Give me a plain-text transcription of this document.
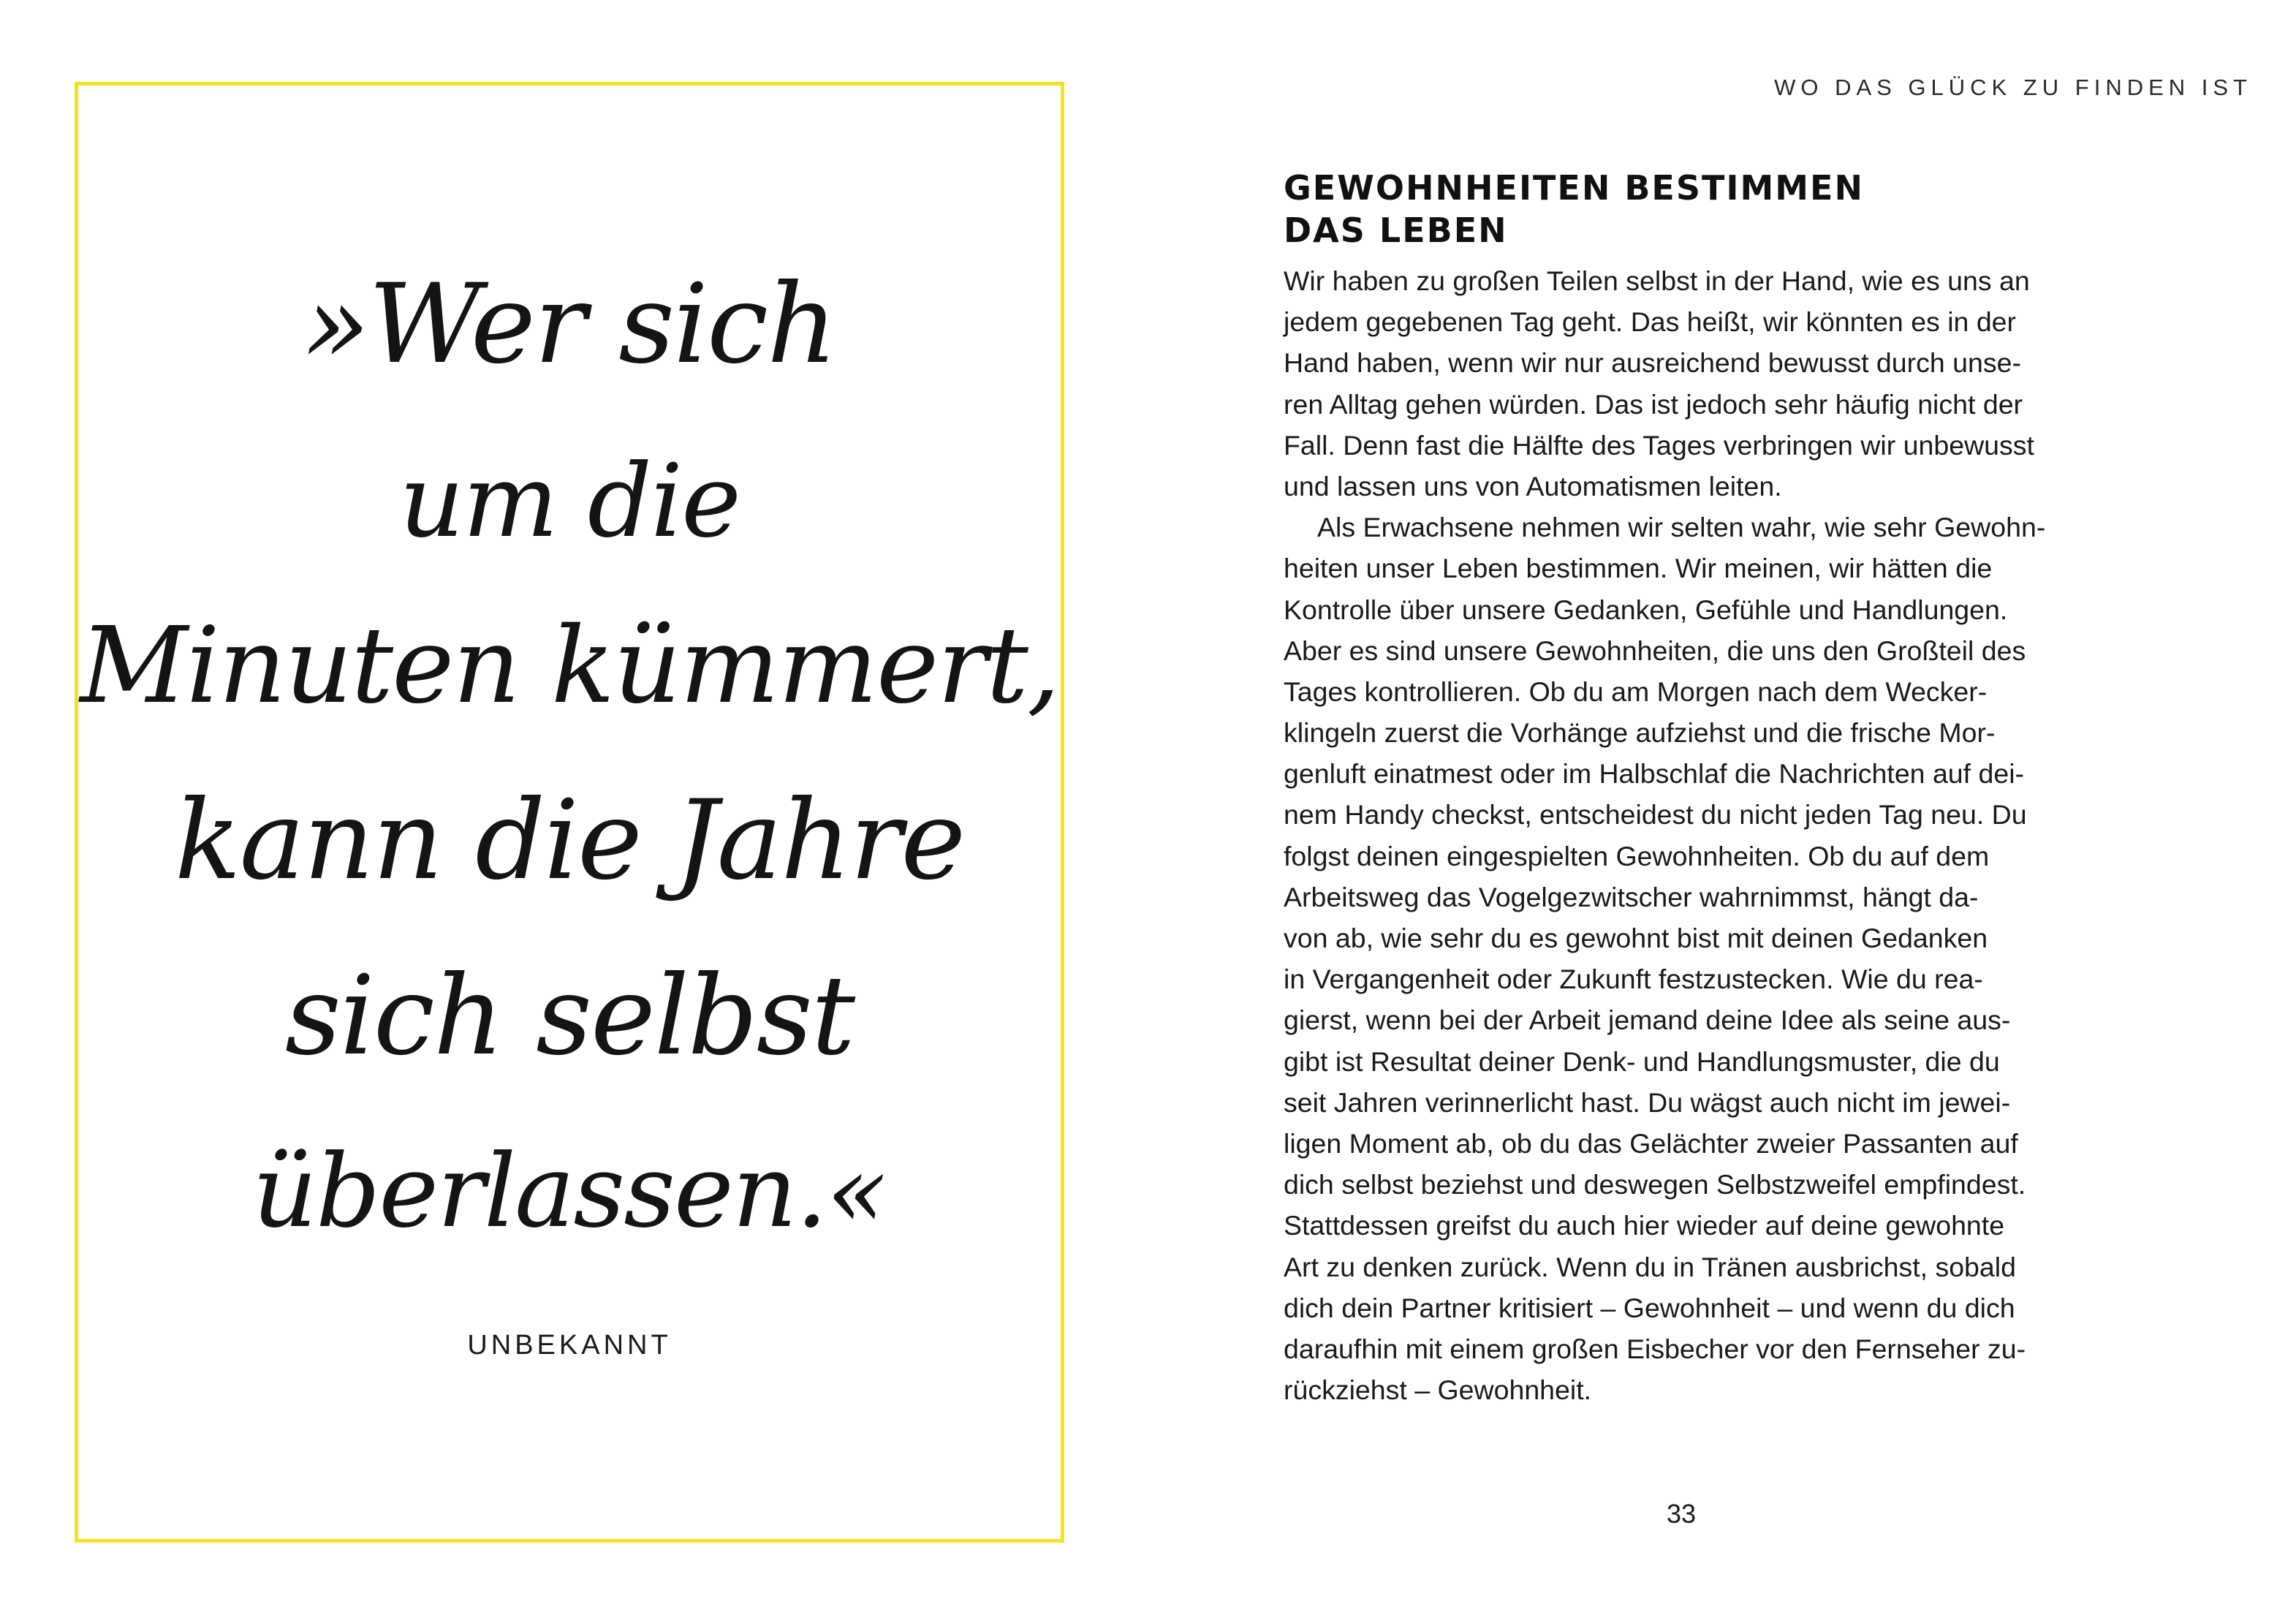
»Wer sich
um die
Minuten kümmert,
kann die Jahre
sich selbst
überlassen.«
UNBEKANNT
WO DAS GLÜCK ZU FINDEN IST
GEWOHNHEITEN BESTIMMEN
DAS LEBEN
Wir haben zu großen Teilen selbst in der Hand, wie es uns an
jedem gegebenen Tag geht. Das heißt, wir könnten es in der
Hand haben, wenn wir nur ausreichend bewusst durch unse-
ren Alltag gehen würden. Das ist jedoch sehr häufig nicht der
Fall. Denn fast die Hälfte des Tages verbringen wir unbewusst
und lassen uns von Automatismen leiten.
Als Erwachsene nehmen wir selten wahr, wie sehr Gewohn-
heiten unser Leben bestimmen. Wir meinen, wir hätten die
Kontrolle über unsere Gedanken, Gefühle und Handlungen.
Aber es sind unsere Gewohnheiten, die uns den Großteil des
Tages kontrollieren. Ob du am Morgen nach dem Wecker-
klingeln zuerst die Vorhänge aufziehst und die frische Mor-
genluft einatmest oder im Halbschlaf die Nachrichten auf dei-
nem Handy checkst, entscheidest du nicht jeden Tag neu. Du
folgst deinen eingespielten Gewohnheiten. Ob du auf dem
Arbeitsweg das Vogelgezwitscher wahrnimmst, hängt da-
von ab, wie sehr du es gewohnt bist mit deinen Gedanken
in Vergangenheit oder Zukunft festzustecken. Wie du rea-
gierst, wenn bei der Arbeit jemand deine Idee als seine aus-
gibt ist Resultat deiner Denk- und Handlungsmuster, die du
seit Jahren verinnerlicht hast. Du wägst auch nicht im jewei-
ligen Moment ab, ob du das Gelächter zweier Passanten auf
dich selbst beziehst und deswegen Selbstzweifel empfindest.
Stattdessen greifst du auch hier wieder auf deine gewohnte
Art zu denken zurück. Wenn du in Tränen ausbrichst, sobald
dich dein Partner kritisiert – Gewohnheit – und wenn du dich
daraufhin mit einem großen Eisbecher vor den Fernseher zu-
rückziehst – Gewohnheit.
33
